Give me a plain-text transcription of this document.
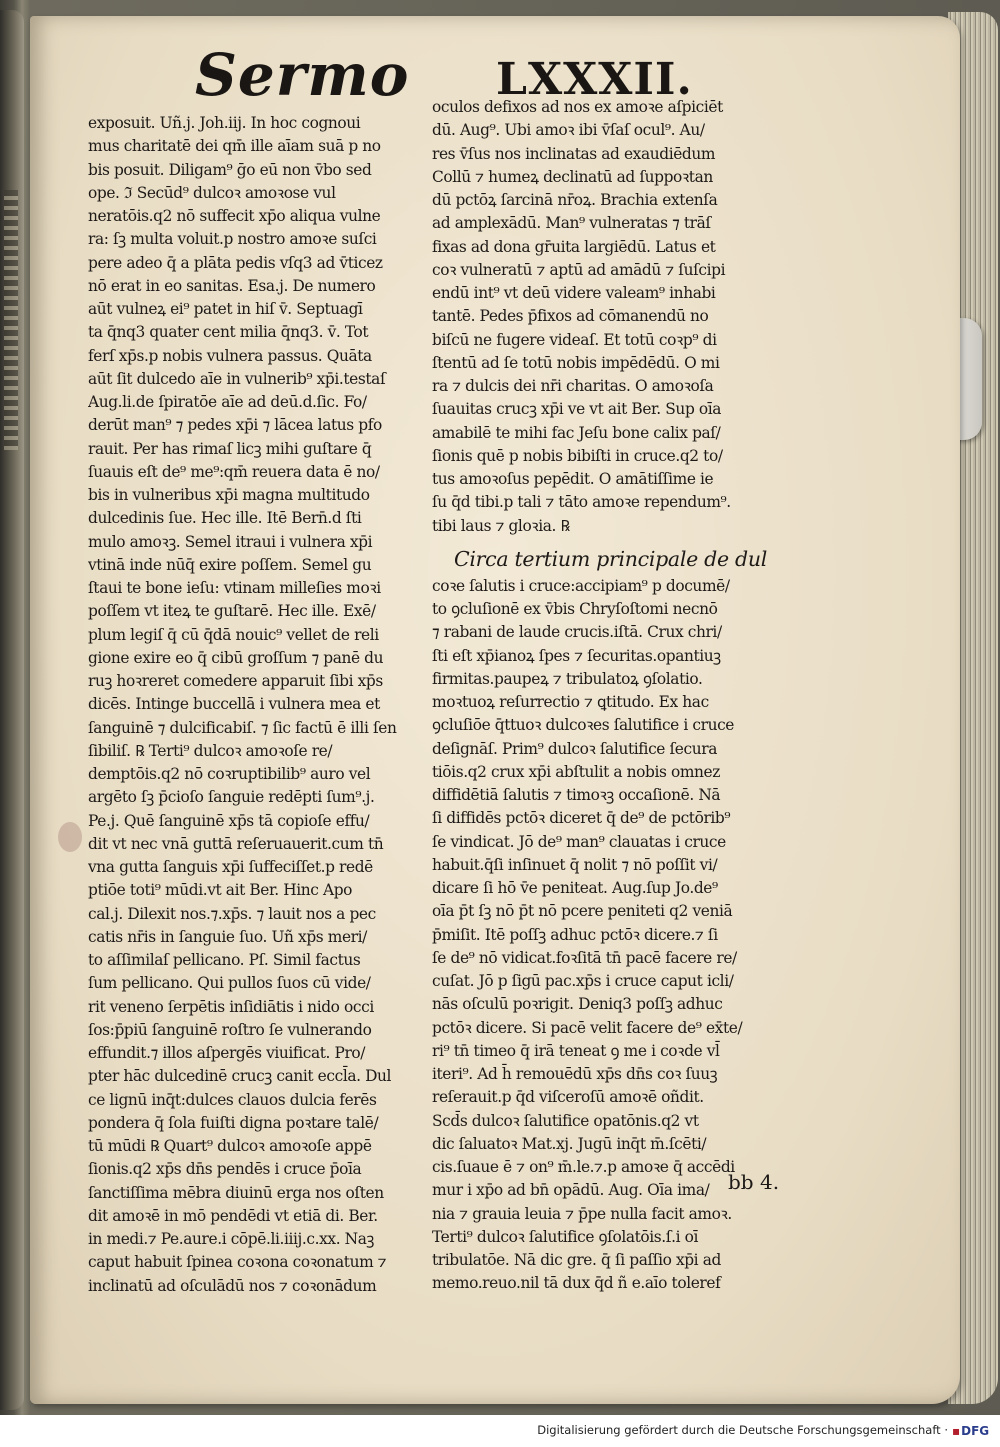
Sermo LXXXII.
exposuit. Uñ.j. Joh.iij. In hoc cognoui
mus charitatē dei qm̄ ille aīam suā p no
bis posuit. Diligam⁹ ḡo eū non v̄bo sed
ope. ℑ Secūd⁹ dulcoꝛ amoꝛose vul
neratōis.q2 nō suffecit xp̄o aliqua vulne
ra: ſꝫ multa voluit.p nostro amoꝛe suſci
pere adeo q̄ a plāta pedis vſq3 ad v̄ticez
nō erat in eo sanitas. Esa.j. De numero
aūt vulneꝝ ei⁹ patet in hiſ v̄. Septuagī
ta q̄nq3 quater cent milia q̄nq3. v̄. Tot
ferſ xp̄s.p nobis vulnera passus. Quāta
aūt ſit dulcedo aīe in vulnerib⁹ xp̄i.testaſ
Aug.li.de ſpiratōe aīe ad deū.d.ſic. Fo/
derūt man⁹ ⁊ pedes xp̄i ⁊ lācea latus pfo
rauit. Per has rimaſ licꝫ mihi guſtare q̄
ſuauis eſt de⁹ me⁹:qm̄ reuera data ē no/
bis in vulneribus xp̄i magna multitudo
dulcedinis ſue. Hec ille. Itē Bern̄.d ſti
mulo amoꝛꝫ. Semel itraui i vulnera xp̄i
vtinā inde nūq̄ exire poſſem. Semel gu
ſtaui te bone ieſu: vtinam milleſies moꝛi
poſſem vt iteꝝ te guſtarē. Hec ille. Exē/
plum legiſ q̄ cū q̄dā nouic⁹ vellet de reli
gione exire eo q̄ cibū groſſum ⁊ panē du
ruꝫ hoꝛreret comedere apparuit ſibi xp̄s
dicēs. Intinge buccellā i vulnera mea et
ſanguinē ⁊ dulcificabiſ. ⁊ ſic factū ē illi ſen
ſibiliſ. ℞ Terti⁹ dulcoꝛ amoꝛoſe re/
demptōis.q2 nō coꝛruptibilib⁹ auro vel
argēto ſꝫ p̄cioſo ſanguie redēpti ſum⁹.j.
Pe.j. Quē ſanguinē xp̄s tā copioſe effu/
dit vt nec vnā guttā reſeruauerit.cum tn̄
vna gutta ſanguis xp̄i ſuffeciſſet.p redē
ptiōe toti⁹ mūdi.vt ait Ber. Hinc Apo
cal.j. Dilexit nos.⁊.xp̄s. ⁊ lauit nos a pec
catis nr̄is in ſanguie ſuo. Uñ xp̄s meri/
to aſſimilaſ pellicano. Pſ. Simil factus
ſum pellicano. Qui pullos ſuos cū vide/
rit veneno ſerpētis inſidiātis i nido occi
ſos:p̄piū ſanguinē roſtro ſe vulnerando
effundit.⁊ illos aſpergēs viuificat. Pro/
pter hāc dulcedinē crucꝫ canit eccl̄a. Dul
ce lignū inq̄t:dulces clauos dulcia ferēs
pondera q̄ ſola fuiſti digna poꝛtare talē/
tū mūdi ℞ Quart⁹ dulcoꝛ amoꝛoſe appē
ſionis.q2 xp̄s dn̄s pendēs i cruce p̄oīa
ſanctiſſima mēbra diuinū erga nos oſten
dit amoꝛē in mō pendēdi vt etiā di. Ber.
in medi.⁊ Pe.aure.i cōpē.li.iiij.c.xx. Naꝫ
caput habuit ſpinea coꝛona coꝛonatum ⁊
inclinatū ad oſculādū nos ⁊ coꝛonādum
oculos defixos ad nos ex amoꝛe aſpiciēt
dū. Aug⁹. Ubi amoꝛ ibi v̄ſaſ ocul⁹. Au/
res v̄ſus nos inclinatas ad exaudiēdum
Collū ⁊ humeꝝ declinatū ad ſuppoꝛtan
dū pctōꝝ ſarcinā nr̄oꝝ. Brachia extenſa
ad amplexādū. Man⁹ vulneratas ⁊ trāſ
fixas ad dona gr̄uita largiēdū. Latus et
coꝛ vulneratū ⁊ aptū ad amādū ⁊ ſuſcipi
endū int⁹ vt deū videre valeam⁹ inhabi
tantē. Pedes p̄fixos ad cōmanendū no
biſcū ne fugere videaſ. Et totū coꝛp⁹ di
ſtentū ad ſe totū nobis impēdēdū. O mi
ra ⁊ dulcis dei nr̄i charitas. O amoꝛoſa
ſuauitas crucꝫ xp̄i ve vt ait Ber. Sup oīa
amabilē te mihi fac Jeſu bone calix paſ/
ſionis quē p nobis bibiſti in cruce.q2 to/
tus amoꝛoſus pepēdit. O amātiſſime ie
ſu q̄d tibi.p tali ⁊ tāto amoꝛe rependum⁹.
tibi laus ⁊ gloꝛia. ℞
Circa tertium principale de dul
coꝛe ſalutis i cruce:accipiam⁹ p documē/
to ꝯcluſionē ex v̄bis Chryſoſtomi necnō
⁊ rabani de laude crucis.iſtā. Crux chri/
ſti eſt xp̄ianoꝝ ſpes ⁊ ſecuritas.opantiuꝫ
firmitas.paupeꝝ ⁊ tribulatoꝝ ꝯſolatio.
moꝛtuoꝝ reſurrectio ⁊ ꝗtitudo. Ex hac
ꝯcluſiōe q̄ttuoꝛ dulcoꝛes ſalutifice i cruce
deſignāſ. Prim⁹ dulcoꝛ ſalutifice ſecura
tiōis.q2 crux xp̄i abſtulit a nobis omnez
diffidētiā ſalutis ⁊ timoꝛꝫ occaſionē. Nā
ſi diffidēs pctōꝛ diceret q̄ de⁹ de pctōrib⁹
ſe vindicat. Jō de⁹ man⁹ clauatas i cruce
habuit.q̄ſi inſinuet q̄ nolit ⁊ nō poſſit vi/
dicare ſi hō v̄e peniteat. Aug.ſup Jo.de⁹
oīa p̄t ſꝫ nō p̄t nō pcere peniteti q2 veniā
p̄miſit. Itē poſſꝫ adhuc pctōꝛ dicere.⁊ ſi
ſe de⁹ nō vidicat.foꝛſitā tn̄ pacē facere re/
cuſat. Jō p ſigū pac.xp̄s i cruce caput icli/
nās oſculū poꝛrigit. Deniq3 poſſꝫ adhuc
pctōꝛ dicere. Si pacē velit facere de⁹ ex̄te/
ri⁹ tn̄ timeo q̄ irā teneat ꝯ me i coꝛde vl̄
iteri⁹. Ad h̄ remouēdū xp̄s dn̄s coꝛ ſuuꝫ
reſerauit.p q̄d viſceroſū amoꝛē oñdit.
Scd̄s dulcoꝛ ſalutifice opatōnis.q2 vt
dic ſaluatoꝛ Mat.xj. Jugū inq̄t m̄.ſcēti/
cis.ſuaue ē ⁊ on⁹ m̄.le.⁊.p amoꝛe q̄ accēdi
mur i xp̄o ad bn̄ opādū. Aug. Oīa ima/
nia ⁊ grauia leuia ⁊ p̄pe nulla facit amoꝛ.
Terti⁹ dulcoꝛ ſalutifice ꝯſolatōis.ſ.i oī
tribulatōe. Nā dic gre. q̄ ſi paſſio xp̄i ad
memo.reuo.nil tā dux q̄d ñ e.aīo toleref
bb 4.
Digitalisierung gefördert durch die Deutsche Forschungsgemeinschaft · ▪DFG
